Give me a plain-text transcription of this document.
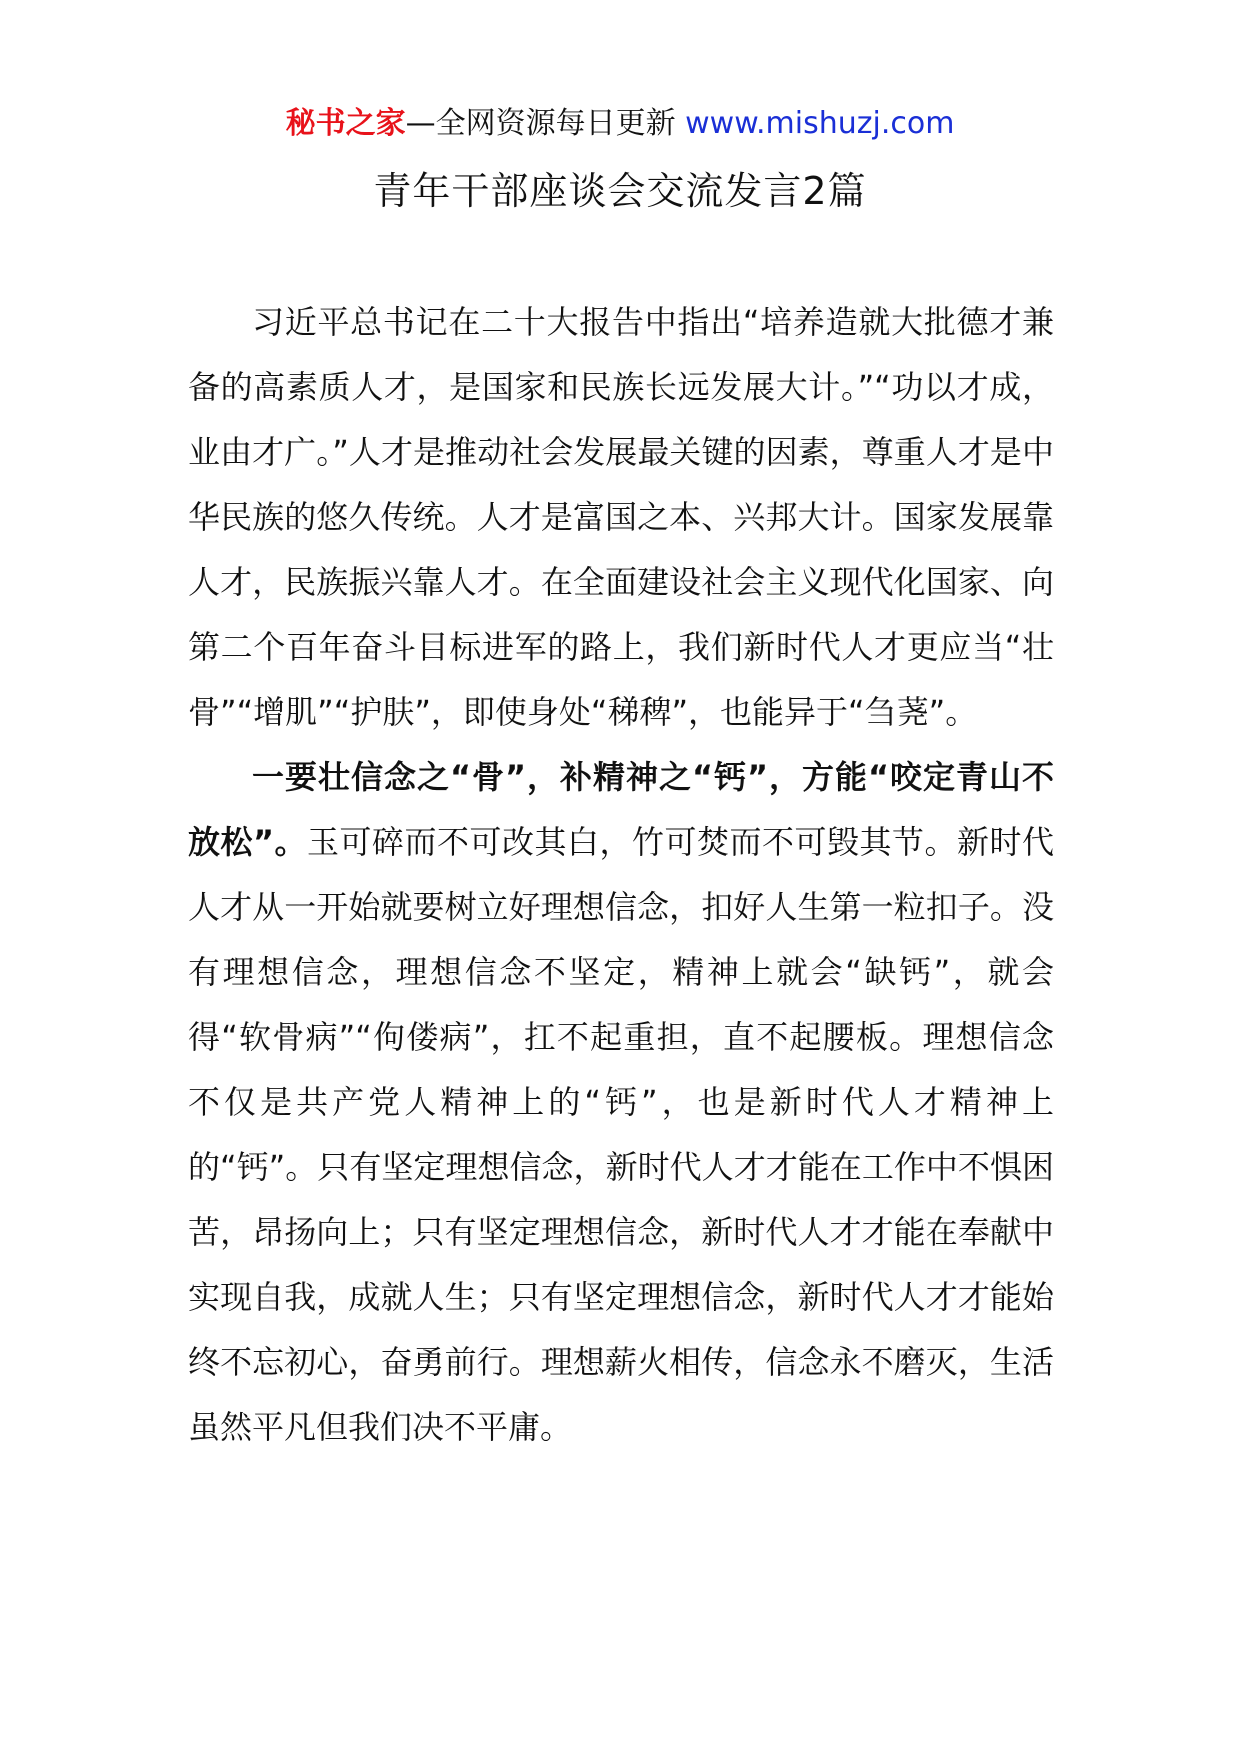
秘书之家—全网资源每日更新 www.mishuzj.com
青年干部座谈会交流发言2篇

习近平总书记在二十大报告中指出“培养造就大批德才兼备的高素质人才，是国家和民族长远发展大计。”“功以才成，业由才广。”人才是推动社会发展最关键的因素，尊重人才是中华民族的悠久传统。人才是富国之本、兴邦大计。国家发展靠人才，民族振兴靠人才。在全面建设社会主义现代化国家、向第二个百年奋斗目标进军的路上，我们新时代人才更应当“壮骨”“增肌”“护肤”，即使身处“稊稗”，也能异于“刍荛”。

一要壮信念之“骨”，补精神之“钙”，方能“咬定青山不放松”。玉可碎而不可改其白，竹可焚而不可毁其节。新时代人才从一开始就要树立好理想信念，扣好人生第一粒扣子。没有理想信念，理想信念不坚定，精神上就会“缺钙”，就会得“软骨病”“佝偻病”，扛不起重担，直不起腰板。理想信念不仅是共产党人精神上的“钙”，也是新时代人才精神上的“钙”。只有坚定理想信念，新时代人才才能在工作中不惧困苦，昂扬向上；只有坚定理想信念，新时代人才才能在奉献中实现自我，成就人生；只有坚定理想信念，新时代人才才能始终不忘初心，奋勇前行。理想薪火相传，信念永不磨灭，生活虽然平凡但我们决不平庸。
